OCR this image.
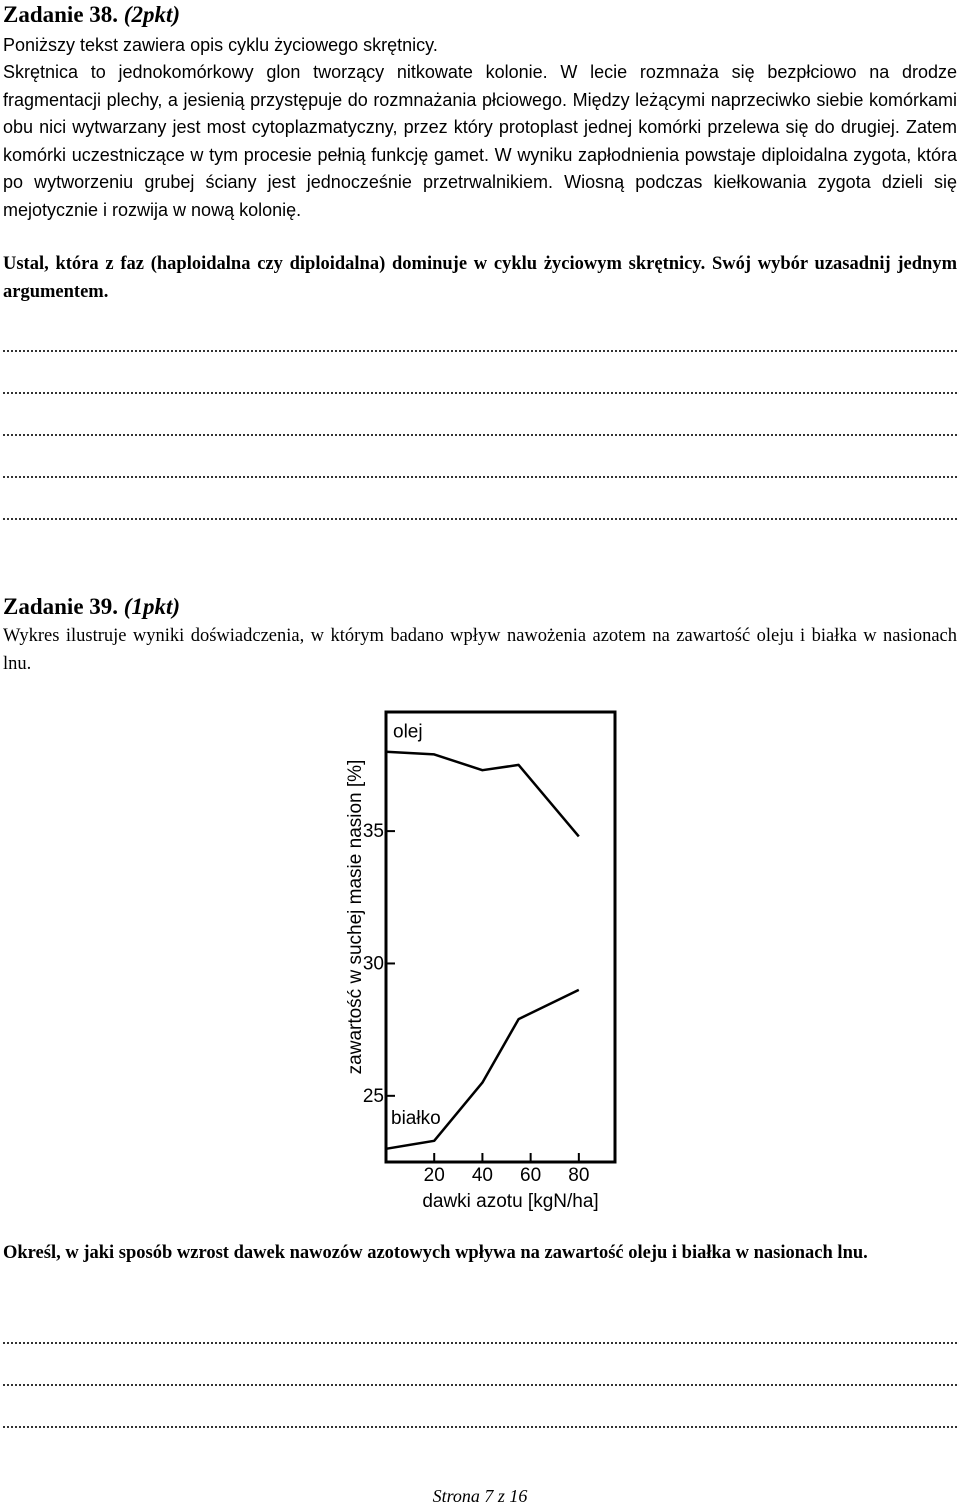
Zadanie 38. (2pkt)

Poniższy tekst zawiera opis cyklu życiowego skrętnicy.

Skrętnica to jednokomórkowy glon tworzący nitkowate kolonie. W lecie rozmnaża się bezpłciowo na drodze fragmentacji plechy, a jesienią przystępuje do rozmnażania płciowego. Między leżącymi naprzeciwko siebie komórkami obu nici wytwarzany jest most cytoplazmatyczny, przez który protoplast jednej komórki przelewa się do drugiej. Zatem komórki uczestniczące w tym procesie pełnią funkcję gamet. W wyniku zapłodnienia powstaje diploidalna zygota, która po wytworzeniu grubej ściany jest jednocześnie przetrwalnikiem. Wiosną podczas kiełkowania zygota dzieli się mejotycznie i rozwija w nową kolonię.

Ustal, która z faz (haploidalna czy diploidalna) dominuje w cyklu życiowym skrętnicy. Swój wybór uzasadnij jednym argumentem.

Zadanie 39. (1pkt)

Wykres ilustruje wyniki doświadczenia, w którym badano wpływ nawożenia azotem na zawartość oleju i białka w nasionach lnu.

25
30
35
20 40 60 80
dawki azotu [kgN/ha]
zawartość w suchej masie nasion [%]
olej
białko

Określ, w jaki sposób wzrost dawek nawozów azotowych wpływa na zawartość oleju i białka w nasionach lnu.

Strona 7 z 16
